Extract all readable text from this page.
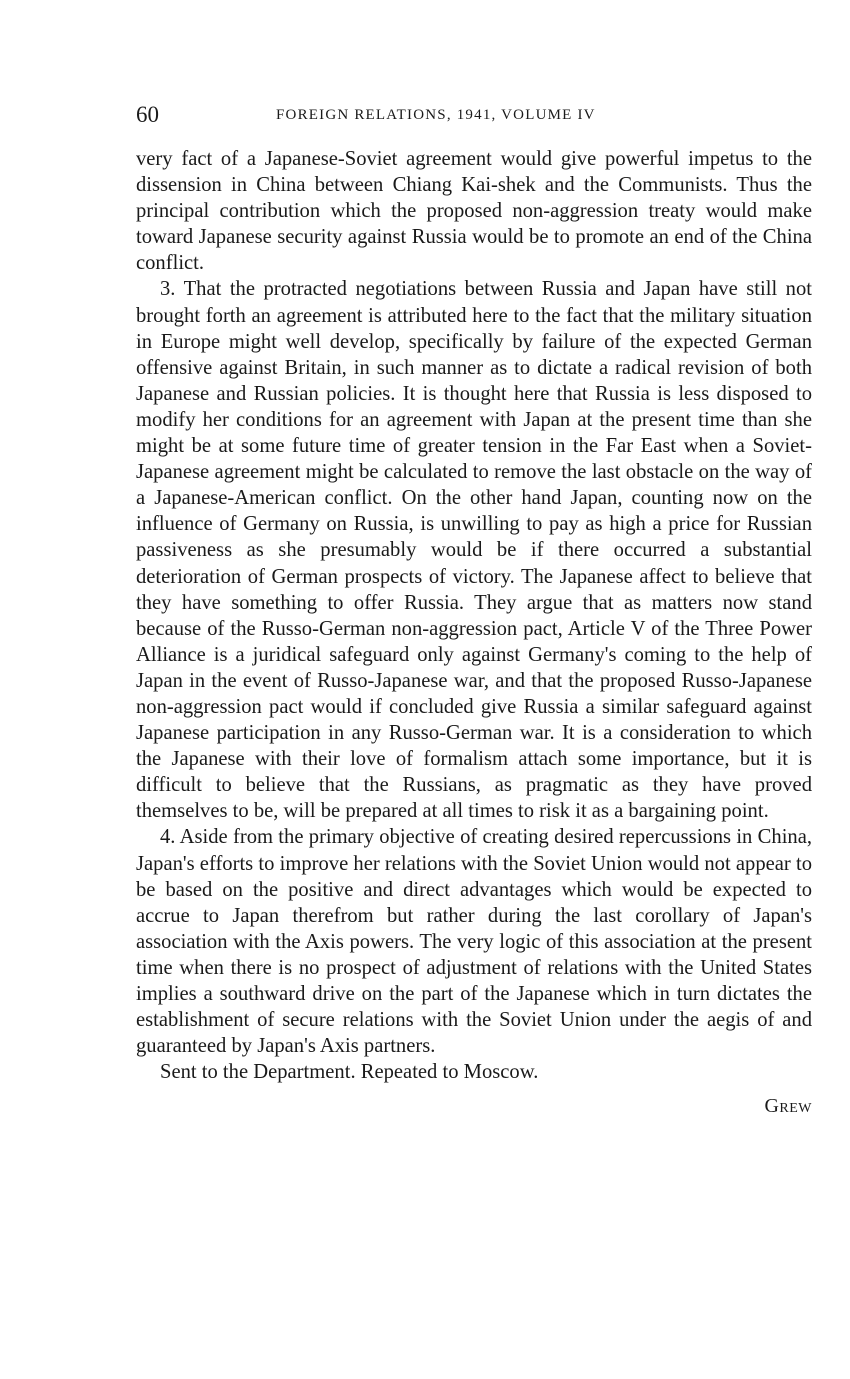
60	FOREIGN RELATIONS, 1941, VOLUME IV

very fact of a Japanese-Soviet agreement would give powerful impetus to the dissension in China between Chiang Kai-shek and the Communists. Thus the principal contribution which the proposed non-aggression treaty would make toward Japanese security against Russia would be to promote an end of the China conflict.

3. That the protracted negotiations between Russia and Japan have still not brought forth an agreement is attributed here to the fact that the military situation in Europe might well develop, specifically by failure of the expected German offensive against Britain, in such manner as to dictate a radical revision of both Japanese and Russian policies. It is thought here that Russia is less disposed to modify her conditions for an agreement with Japan at the present time than she might be at some future time of greater tension in the Far East when a Soviet-Japanese agreement might be calculated to remove the last obstacle on the way of a Japanese-American conflict. On the other hand Japan, counting now on the influence of Germany on Russia, is unwilling to pay as high a price for Russian passiveness as she presumably would be if there occurred a substantial deterioration of German prospects of victory. The Japanese affect to believe that they have something to offer Russia. They argue that as matters now stand because of the Russo-German non-aggression pact, Article V of the Three Power Alliance is a juridical safeguard only against Germany's coming to the help of Japan in the event of Russo-Japanese war, and that the proposed Russo-Japanese non-aggression pact would if concluded give Russia a similar safeguard against Japanese participation in any Russo-German war. It is a consideration to which the Japanese with their love of formalism attach some importance, but it is difficult to believe that the Russians, as pragmatic as they have proved themselves to be, will be prepared at all times to risk it as a bargaining point.

4. Aside from the primary objective of creating desired repercussions in China, Japan's efforts to improve her relations with the Soviet Union would not appear to be based on the positive and direct advantages which would be expected to accrue to Japan therefrom but rather during the last corollary of Japan's association with the Axis powers. The very logic of this association at the present time when there is no prospect of adjustment of relations with the United States implies a southward drive on the part of the Japanese which in turn dictates the establishment of secure relations with the Soviet Union under the aegis of and guaranteed by Japan's Axis partners.

Sent to the Department. Repeated to Moscow.

Grew
